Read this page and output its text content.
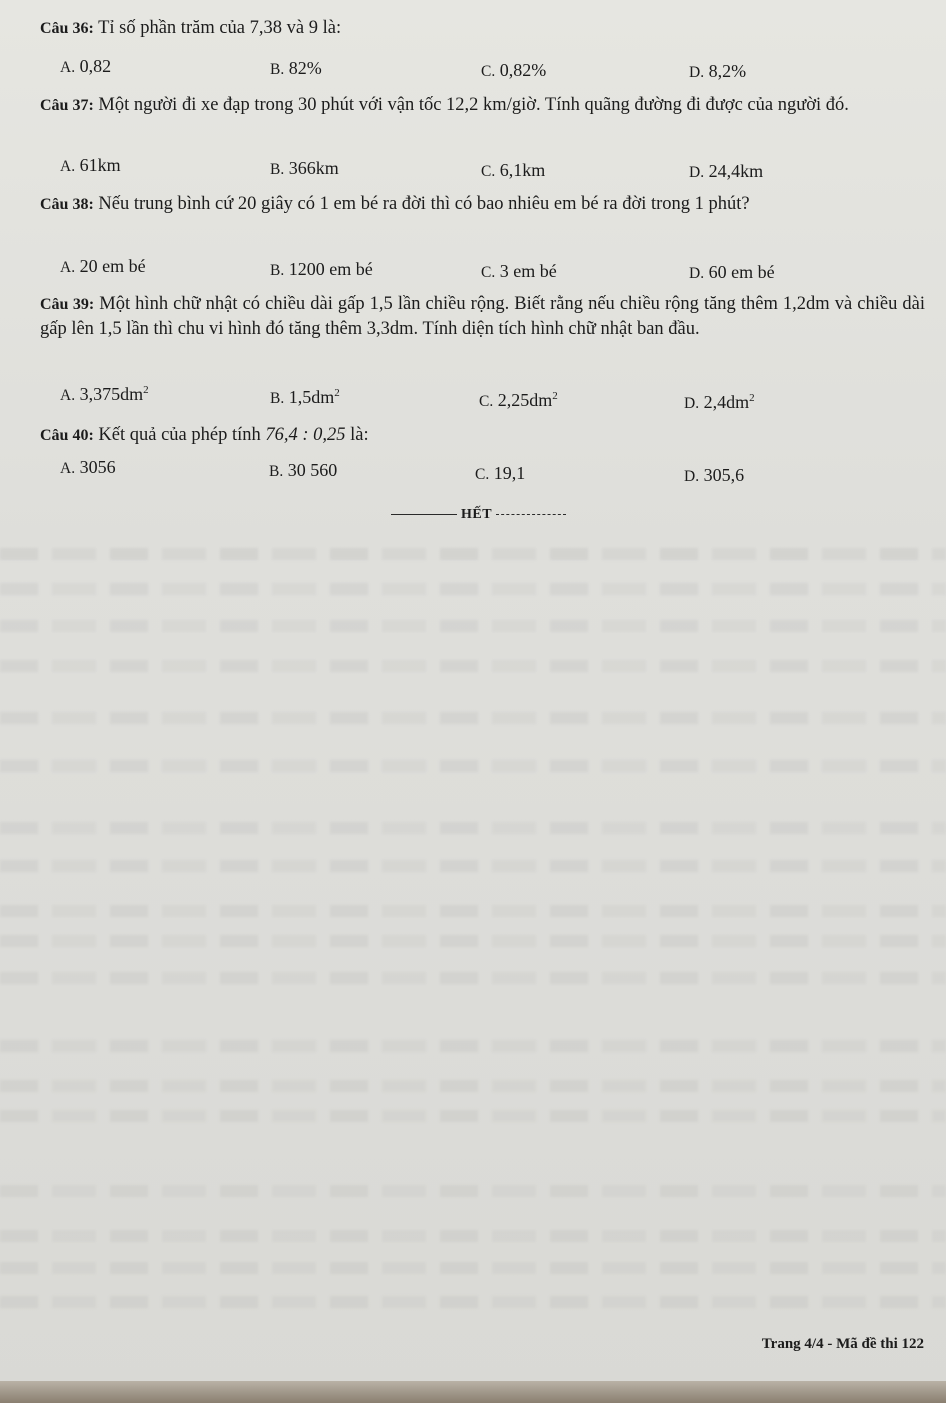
Câu 36: Tỉ số phần trăm của 7,38 và 9 là:
A. 0,82	B. 82%	C. 0,82%	D. 8,2%
Câu 37: Một người đi xe đạp trong 30 phút với vận tốc 12,2 km/giờ. Tính quãng đường đi được của người đó.
A. 61km	B. 366km	C. 6,1km	D. 24,4km
Câu 38: Nếu trung bình cứ 20 giây có 1 em bé ra đời thì có bao nhiêu em bé ra đời trong 1 phút?
A. 20 em bé	B. 1200 em bé	C. 3 em bé	D. 60 em bé
Câu 39: Một hình chữ nhật có chiều dài gấp 1,5 lần chiều rộng. Biết rằng nếu chiều rộng tăng thêm 1,2dm và chiều dài gấp lên 1,5 lần thì chu vi hình đó tăng thêm 3,3dm. Tính diện tích hình chữ nhật ban đầu.
A. $3,375dm^2$	B. $1,5dm^2$	C. $2,25dm^2$	D. $2,4dm^2$
Câu 40: Kết quả của phép tính 76,4 : 0,25 là:
A. 3056	B. 30 560	C. 19,1	D. 305,6
HẾT
Trang 4/4 - Mã đề thi 122
